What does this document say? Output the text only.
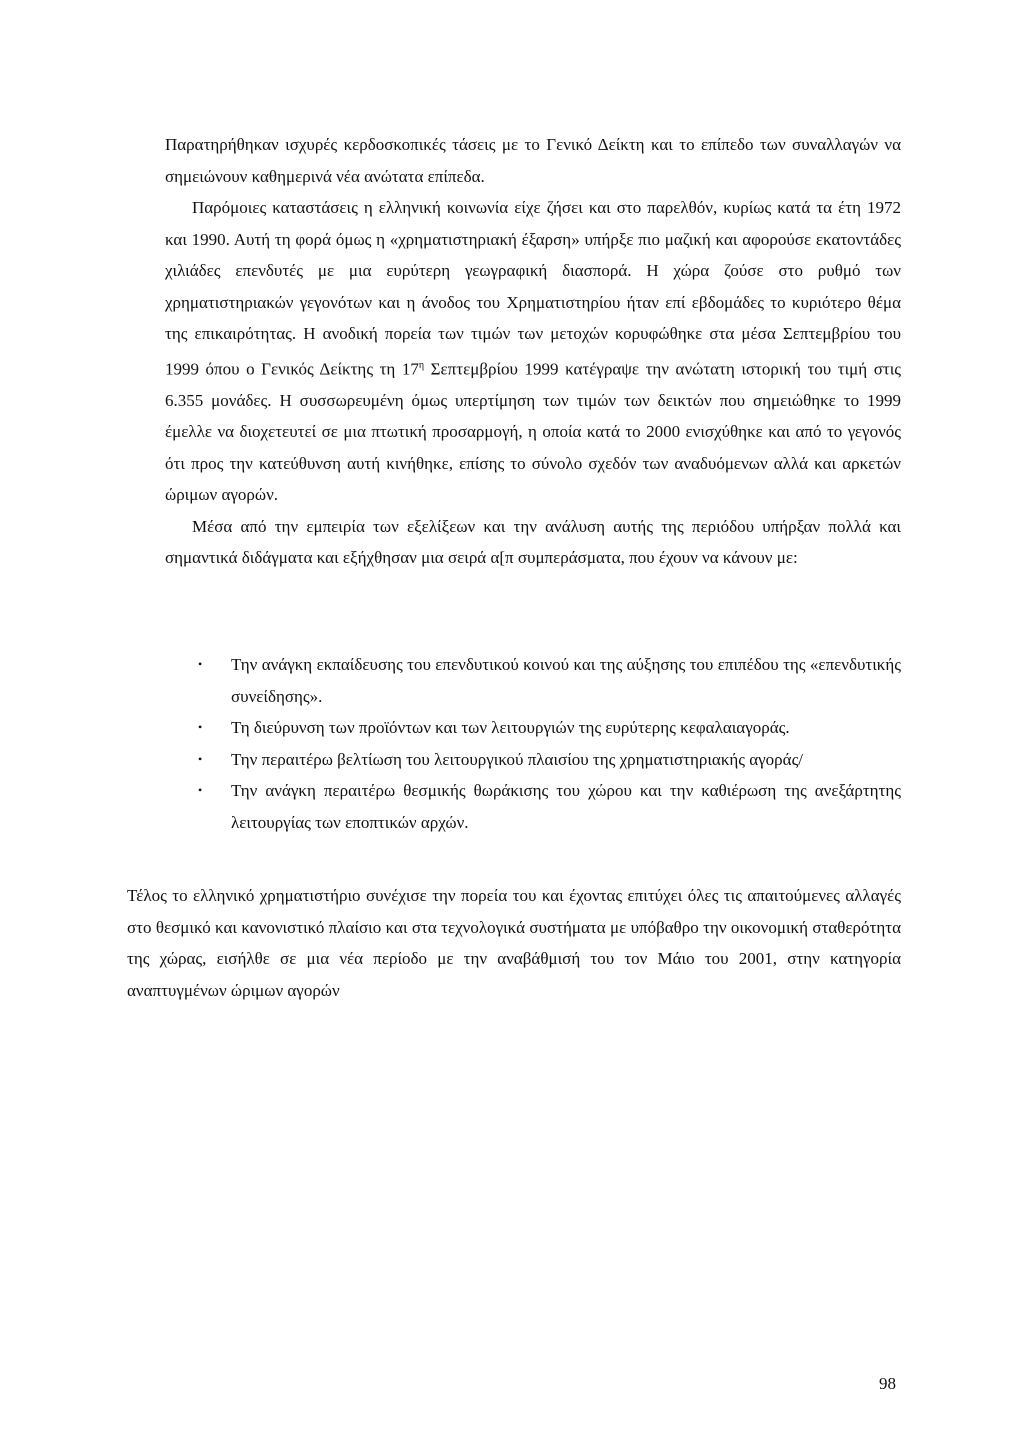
Παρατηρήθηκαν ισχυρές κερδοσκοπικές τάσεις με το Γενικό Δείκτη και το επίπεδο των συναλλαγών να σημειώνουν καθημερινά νέα ανώτατα επίπεδα.

Παρόμοιες καταστάσεις η ελληνική κοινωνία είχε ζήσει και στο παρελθόν, κυρίως κατά τα έτη 1972 και 1990. Αυτή τη φορά όμως η «χρηματιστηριακή έξαρση» υπήρξε πιο μαζική και αφορούσε εκατοντάδες χιλιάδες επενδυτές με μια ευρύτερη γεωγραφική διασπορά. Η χώρα ζούσε στο ρυθμό των χρηματιστηριακών γεγονότων και η άνοδος του Χρηματιστηρίου ήταν επί εβδομάδες το κυριότερο θέμα της επικαιρότητας. Η ανοδική πορεία των τιμών των μετοχών κορυφώθηκε στα μέσα Σεπτεμβρίου του 1999 όπου ο Γενικός Δείκτης τη $17^\eta$ Σεπτεμβρίου 1999 κατέγραψε την ανώτατη ιστορική του τιμή στις 6.355 μονάδες. Η συσσωρευμένη όμως υπερτίμηση των τιμών των δεικτών που σημειώθηκε το 1999 έμελλε να διοχετευτεί σε μια πτωτική προσαρμογή, η οποία κατά το 2000 ενισχύθηκε και από το γεγονός ότι προς την κατεύθυνση αυτή κινήθηκε, επίσης το σύνολο σχεδόν των αναδυόμενων αλλά και αρκετών ώριμων αγορών.

Μέσα από την εμπειρία των εξελίξεων και την ανάλυση αυτής της περιόδου υπήρξαν πολλά και σημαντικά διδάγματα και εξήχθησαν μια σειρά α[π συμπεράσματα, που έχουν να κάνουν με:

• Την ανάγκη εκπαίδευσης του επενδυτικού κοινού και της αύξησης του επιπέδου της «επενδυτικής συνείδησης».
• Τη διεύρυνση των προϊόντων και των λειτουργιών της ευρύτερης κεφαλαιαγοράς.
• Την περαιτέρω βελτίωση του λειτουργικού πλαισίου της χρηματιστηριακής αγοράς/
• Την ανάγκη περαιτέρω θεσμικής θωράκισης του χώρου και την καθιέρωση της ανεξάρτητης λειτουργίας των εποπτικών αρχών.

Τέλος το ελληνικό χρηματιστήριο συνέχισε την πορεία του και έχοντας επιτύχει όλες τις απαιτούμενες αλλαγές στο θεσμικό και κανονιστικό πλαίσιο και στα τεχνολογικά συστήματα με υπόβαθρο την οικονομική σταθερότητα της χώρας, εισήλθε σε μια νέα περίοδο με την αναβάθμισή του τον Μάιο του 2001, στην κατηγορία αναπτυγμένων ώριμων αγορών

98
